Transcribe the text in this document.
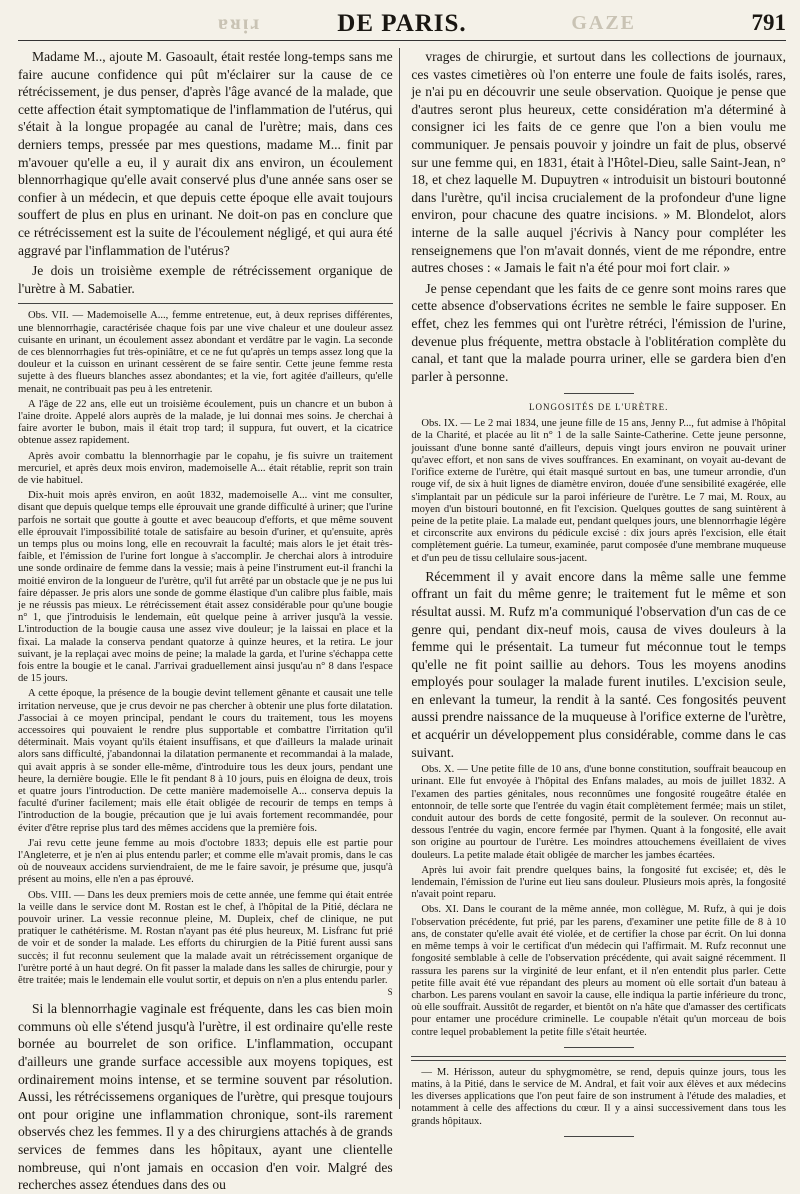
ɐᴚᴉɹ	GAZE
DE PARIS.	791

Madame M.., ajoute M. Gasoault, était restée long-temps sans me faire aucune confidence qui pût m'éclairer sur la cause de ce rétrécissement, je dus penser, d'après l'âge avancé de la malade, que cette affection était symptomatique de l'inflammation de l'utérus, qui s'était à la longue propagée au canal de l'urètre; mais, dans ces derniers temps, pressée par mes questions, madame M... finit par m'avouer qu'elle a eu, il y aurait dix ans environ, un écoulement blennorrhagique qu'elle avait conservé plus d'une année sans oser se confier à un médecin, et que depuis cette époque elle avait toujours souffert de plus en plus en urinant. Ne doit-on pas en conclure que ce rétrécissement est la suite de l'écoulement négligé, et qui aura été aggravé par l'inflammation de l'utérus?

Je dois un troisième exemple de rétrécissement organique de l'urètre à M. Sabatier.

Obs. VII. — Mademoiselle A..., femme entretenue, eut, à deux reprises différentes, une blennorrhagie, caractérisée chaque fois par une vive chaleur et une douleur assez cuisante en urinant, un écoulement assez abondant et verdâtre par le vagin. La seconde de ces blennorrhagies fut très-opiniâtre, et ce ne fut qu'après un temps assez long que la douleur et la cuisson en urinant cessèrent de se faire sentir. Cette jeune femme resta sujette à des flueurs blanches assez abondantes; et la vie, fort agitée d'ailleurs, qu'elle menait, ne contribuait pas peu à les entretenir.

A l'âge de 22 ans, elle eut un troisième écoulement, puis un chancre et un bubon à l'aine droite. Appelé alors auprès de la malade, je lui donnai mes soins. Je cherchai à faire avorter le bubon, mais il était trop tard; il suppura, fut ouvert, et la cicatrice obtenue assez rapidement.

Après avoir combattu la blennorrhagie par le copahu, je fis suivre un traitement mercuriel, et après deux mois environ, mademoiselle A... était rétablie, reprit son train de vie habituel.

Dix-huit mois après environ, en août 1832, mademoiselle A... vint me consulter, disant que depuis quelque temps elle éprouvait une grande difficulté à uriner; que l'urine parfois ne sortait que goutte à goutte et avec beaucoup d'efforts, et que même souvent elle éprouvait l'impossibilité totale de satisfaire au besoin d'uriner, et qu'ensuite, après un temps plus ou moins long, elle en recouvrait la faculté; mais alors le jet était très-faible, et l'émission de l'urine fort longue à s'accomplir. Je cherchai alors à introduire une sonde ordinaire de femme dans la vessie; mais à peine l'instrument eut-il franchi la moitié environ de la longueur de l'urètre, qu'il fut arrêté par un obstacle que je ne pus lui faire dépasser. Je pris alors une sonde de gomme élastique d'un calibre plus faible, mais je ne réussis pas mieux. Le rétrécissement était assez considérable pour qu'une bougie n° 1, que j'introduisis le lendemain, eût quelque peine à arriver jusqu'à la vessie. L'introduction de la bougie causa une assez vive douleur; je la laissai en place et la fixai. La malade la conserva pendant quatorze à quinze heures, et la retira. Le jour suivant, je la replaçai avec moins de peine; la malade la garda, et l'urine s'échappa cette fois entre la bougie et le canal. J'arrivai graduellement ainsi jusqu'au n° 8 dans l'espace de 15 jours.

A cette époque, la présence de la bougie devint tellement gênante et causait une telle irritation nerveuse, que je crus devoir ne pas chercher à obtenir une plus forte dilatation. J'associai à ce moyen principal, pendant le cours du traitement, tous les moyens accessoires qui pouvaient le rendre plus supportable et combattre l'irritation qu'il déterminait. Mais voyant qu'ils étaient insuffisans, et que d'ailleurs la malade urinait alors sans difficulté, j'abandonnai la dilatation permanente et recommandai à la malade, qui avait appris à se sonder elle-même, d'introduire tous les deux jours, pendant une heure, la dernière bougie. Elle le fit pendant 8 à 10 jours, puis en éloigna de deux, trois et quatre jours l'introduction. De cette manière mademoiselle A... conserva depuis la faculté d'uriner facilement; mais elle était obligée de recourir de temps en temps à l'introduction de la bougie, précaution que je lui avais fortement recommandée, pour éviter d'être reprise plus tard des mêmes accidens que la première fois.

J'ai revu cette jeune femme au mois d'octobre 1833; depuis elle est partie pour l'Angleterre, et je n'en ai plus entendu parler; et comme elle m'avait promis, dans le cas où de nouveaux accidens surviendraient, de me le faire savoir, je présume que, jusqu'à présent au moins, elle n'en a pas éprouvé.

Obs. VIII. — Dans les deux premiers mois de cette année, une femme qui était entrée la veille dans le service dont M. Rostan est le chef, à l'hôpital de la Pitié, déclara ne pouvoir uriner. La vessie reconnue pleine, M. Dupleix, chef de clinique, ne put pratiquer le cathétérisme. M. Rostan n'ayant pas été plus heureux, M. Lisfranc fut prié de voir et de sonder la malade. Les efforts du chirurgien de la Pitié furent aussi sans succès; il fut reconnu seulement que la malade avait un rétrécissement organique de l'urètre porté à un haut degré. On fit passer la malade dans les salles de chirurgie, pour y être traitée; mais le lendemain elle voulut sortir, et depuis on n'en a plus entendu parler.

S

Si la blennorrhagie vaginale est fréquente, dans les cas bien moin communs où elle s'étend jusqu'à l'urètre, il est ordinaire qu'elle reste bornée au bourrelet de son orifice. L'inflammation, occupant d'ailleurs une grande surface accessible aux moyens topiques, est ordinairement moins intense, et se termine souvent par résolution. Aussi, les rétrécissemens organiques de l'urètre, qui presque toujours ont pour origine une inflammation chronique, sont-ils rarement observés chez les femmes. Il y a des chirurgiens attachés à de grands services de femmes dans les hôpitaux, ayant une clientelle nombreuse, qui n'ont jamais en occasion d'en voir. Malgré des recherches assez étendues dans des ou

vrages de chirurgie, et surtout dans les collections de journaux, ces vastes cimetières où l'on enterre une foule de faits isolés, rares, je n'ai pu en découvrir une seule observation. Quoique je pense que d'autres seront plus heureux, cette considération m'a déterminé à consigner ici les faits de ce genre que l'on a bien voulu me communiquer. Je pensais pouvoir y joindre un fait de plus, observé sur une femme qui, en 1831, était à l'Hôtel-Dieu, salle Saint-Jean, n° 18, et chez laquelle M. Dupuytren « introduisit un bistouri boutonné dans l'urètre, qu'il incisa crucialement de la profondeur d'une ligne environ, pour chacune des quatre incisions. » M. Blondelot, alors interne de la salle auquel j'écrivis à Nancy pour compléter les renseignemens que l'on m'avait donnés, vient de me répondre, entre autres choses : « Jamais le fait n'a été pour moi fort clair. »

Je pense cependant que les faits de ce genre sont moins rares que cette absence d'observations écrites ne semble le faire supposer. En effet, chez les femmes qui ont l'urètre rétréci, l'émission de l'urine, devenue plus fréquente, mettra obstacle à l'oblitération complète du canal, et tant que la malade pourra uriner, elle se gardera bien d'en parler à personne.

LONGOSITÉS DE L'URÈTRE.

Obs. IX. — Le 2 mai 1834, une jeune fille de 15 ans, Jenny P..., fut admise à l'hôpital de la Charité, et placée au lit n° 1 de la salle Sainte-Catherine. Cette jeune personne, jouissant d'une bonne santé d'ailleurs, depuis vingt jours environ ne pouvait uriner qu'avec effort, et non sans de vives souffrances. En examinant, on voyait au-devant de l'orifice externe de l'urètre, qui était masqué surtout en bas, une tumeur arrondie, d'un rouge vif, de six à huit lignes de diamètre environ, douée d'une sensibilité exagérée, elle s'implantait par un pédicule sur la paroi inférieure de l'urètre. Le 7 mai, M. Roux, au moyen d'un bistouri boutonné, en fit l'excision. Quelques gouttes de sang suintèrent à peine de la petite plaie. La malade eut, pendant quelques jours, une blennorrhagie légère et circonscrite aux environs du pédicule excisé : dix jours après l'excision, elle était complètement guérie. La tumeur, examinée, parut composée d'une membrane muqueuse et d'un peu de tissu cellulaire sous-jacent.

Récemment il y avait encore dans la même salle une femme offrant un fait du même genre; le traitement fut le même et son résultat aussi. M. Rufz m'a communiqué l'observation d'un cas de ce genre qui, pendant dix-neuf mois, causa de vives douleurs à la femme qui le présentait. La tumeur fut méconnue tout le temps qu'elle ne fit point saillie au dehors. Tous les moyens anodins employés pour soulager la malade furent inutiles. L'excision seule, en enlevant la tumeur, la rendit à la santé. Ces fongosités peuvent aussi prendre naissance de la muqueuse à l'orifice externe de l'urètre, et acquérir un développement plus considérable, comme dans le cas suivant.

Obs. X. — Une petite fille de 10 ans, d'une bonne constitution, souffrait beaucoup en urinant. Elle fut envoyée à l'hôpital des Enfans malades, au mois de juillet 1832. A l'examen des parties génitales, nous reconnûmes une fongosité rougeâtre étalée en entonnoir, de telle sorte que l'entrée du vagin était complètement fermée; mais un stilet, conduit autour des bords de cette fongosité, permit de la soulever. On reconnut au-dessous l'entrée du vagin, encore fermée par l'hymen. Quant à la fongosité, elle avait son origine au pourtour de l'urètre. Les moindres attouchemens éveillaient de vives douleurs. La petite malade était obligée de marcher les jambes écartées.

Après lui avoir fait prendre quelques bains, la fongosité fut excisée; et, dès le lendemain, l'émission de l'urine eut lieu sans douleur. Plusieurs mois après, la fongosité n'avait point reparu.

Obs. XI. Dans le courant de la même année, mon collègue, M. Rufz, à qui je dois l'observation précédente, fut prié, par les parens, d'examiner une petite fille de 8 à 10 ans, de constater qu'elle avait été violée, et de certifier la chose par écrit. On lui donna en même temps à voir le certificat d'un médecin qui l'affirmait. M. Rufz reconnut une fongosité semblable à celle de l'observation précédente, qui avait saigné récemment. Il rassura les parens sur la virginité de leur enfant, et il n'en entendit plus parler. Cette petite fille avait été vue répandant des pleurs au moment où elle sortait d'un bateau à charbon. Les parens voulant en savoir la cause, elle indiqua la partie inférieure du tronc, où elle souffrait. Aussitôt de regarder, et bientôt on n'a hâte que d'amasser des certificats pour entamer une procédure criminelle. Le coupable n'était qu'un morceau de bois contre lequel probablement la petite fille s'était heurtée.

— M. Hérisson, auteur du sphygmomètre, se rend, depuis quinze jours, tous les matins, à la Pitié, dans le service de M. Andral, et fait voir aux élèves et aux médecins les diverses applications que l'on peut faire de son instrument à l'étude des maladies, et notamment à celle des affections du cœur. Il y a ainsi successivement dans tous les grands hôpitaux.
